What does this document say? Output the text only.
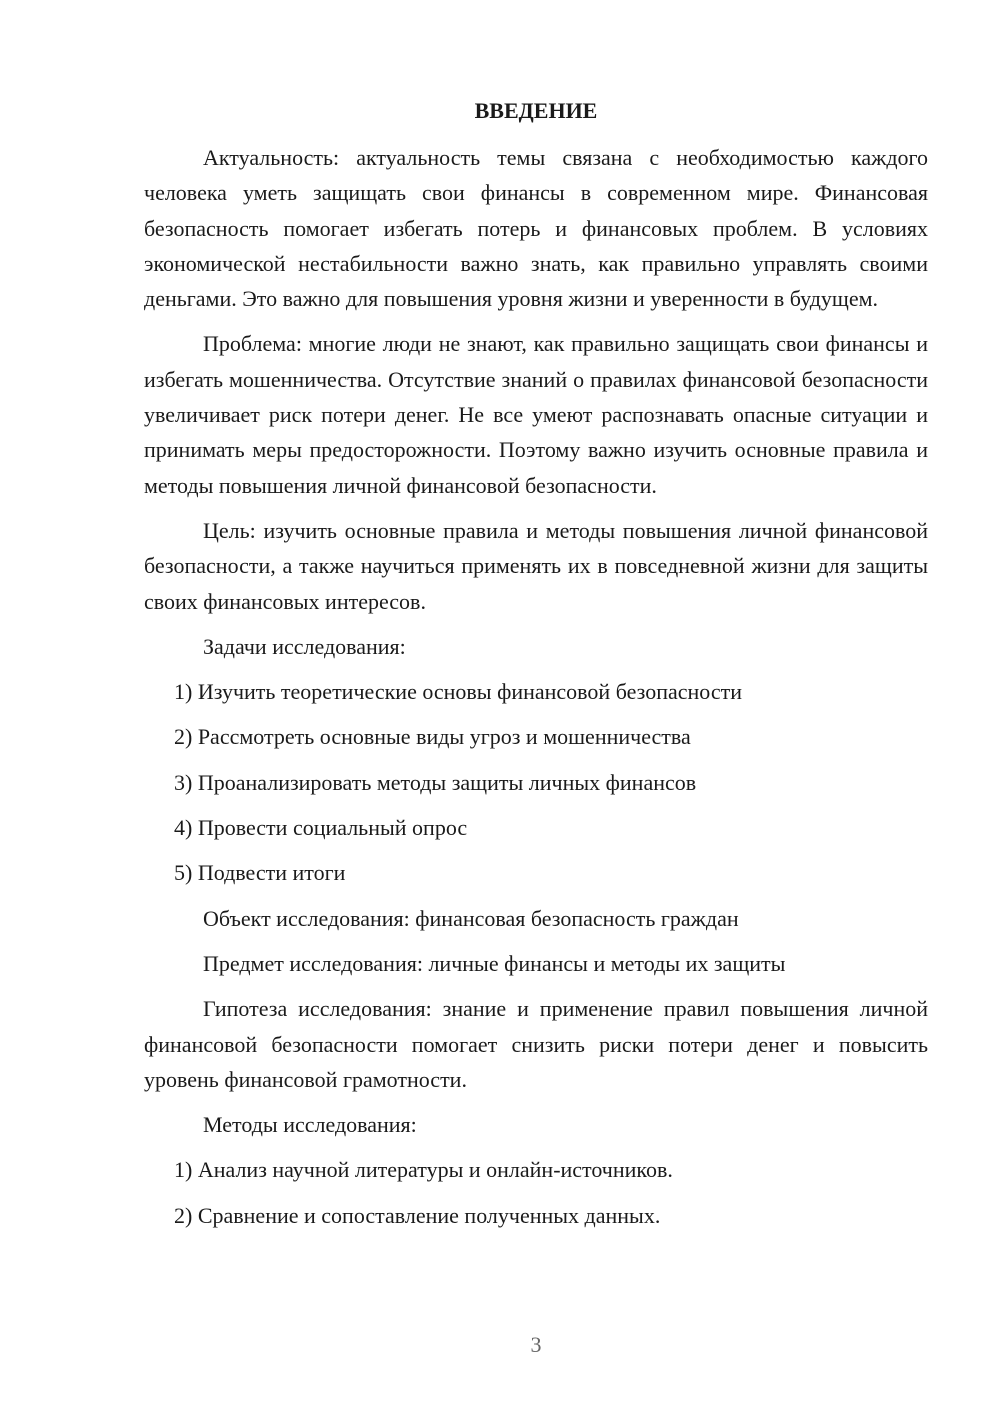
ВВЕДЕНИЕ

Актуальность: актуальность темы связана с необходимостью каждого человека уметь защищать свои финансы в современном мире. Финансовая безопасность помогает избегать потерь и финансовых проблем. В условиях экономической нестабильности важно знать, как правильно управлять своими деньгами. Это важно для повышения уровня жизни и уверенности в будущем.

Проблема: многие люди не знают, как правильно защищать свои финансы и избегать мошенничества. Отсутствие знаний о правилах финансовой безопасности увеличивает риск потери денег. Не все умеют распознавать опасные ситуации и принимать меры предосторожности. Поэтому важно изучить основные правила и методы повышения личной финансовой безопасности.

Цель: изучить основные правила и методы повышения личной финансовой безопасности, а также научиться применять их в повседневной жизни для защиты своих финансовых интересов.

Задачи исследования:
1) Изучить теоретические основы финансовой безопасности
2) Рассмотреть основные виды угроз и мошенничества
3) Проанализировать методы защиты личных финансов
4) Провести социальный опрос
5) Подвести итоги
Объект исследования: финансовая безопасность граждан
Предмет исследования: личные финансы и методы их защиты

Гипотеза исследования: знание и применение правил повышения личной финансовой безопасности помогает снизить риски потери денег и повысить уровень финансовой грамотности.

Методы исследования:
1) Анализ научной литературы и онлайн-источников.
2) Сравнение и сопоставление полученных данных.
3
